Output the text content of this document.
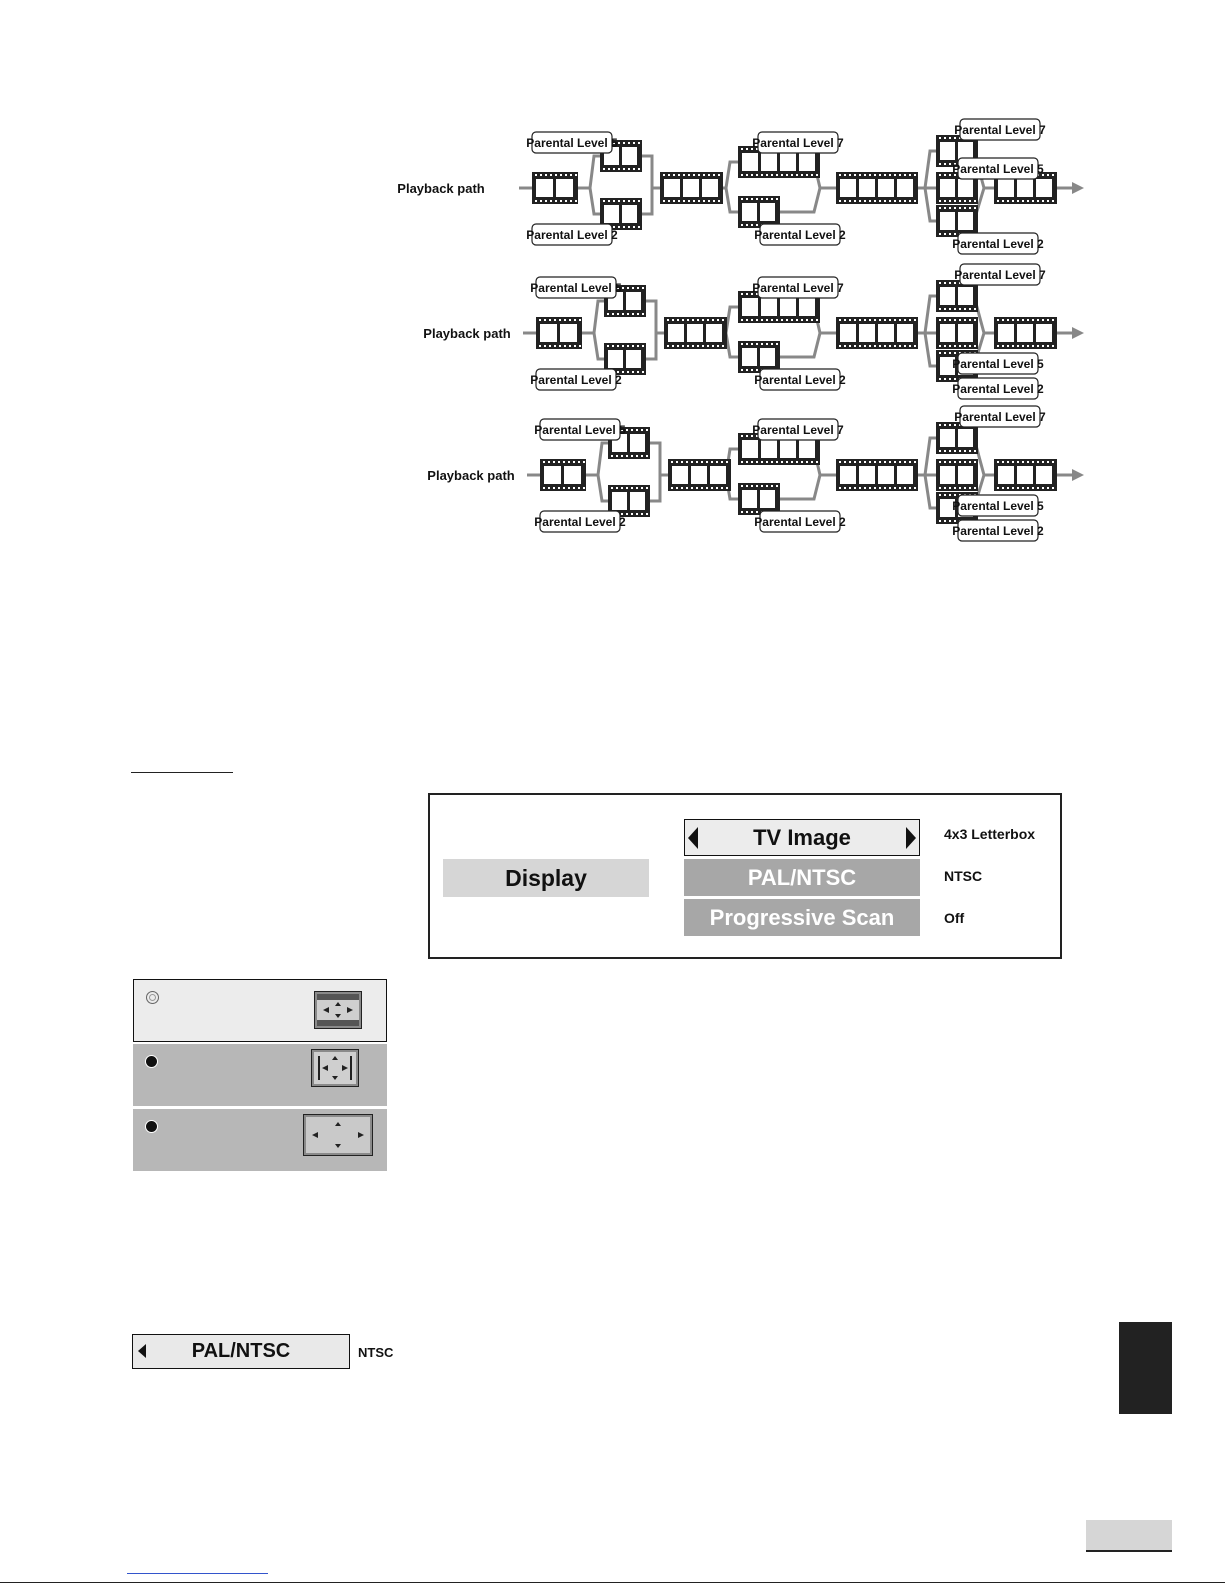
Playback path
Parental Level 5
Parental Level 2
Parental Level 7
Parental Level 2
Parental Level 7
Parental Level 5
Parental Level 2
Playback path
Parental Level 5
Parental Level 2
Parental Level 7
Parental Level 2
Parental Level 7
Parental Level 5
Parental Level 2
Playback path
Parental Level 5
Parental Level 2
Parental Level 7
Parental Level 2
Parental Level 7
Parental Level 5
Parental Level 2
Display
TV Image
PAL/NTSC
Progressive Scan
4x3 Letterbox
NTSC
Off
PAL/NTSC	NTSC
